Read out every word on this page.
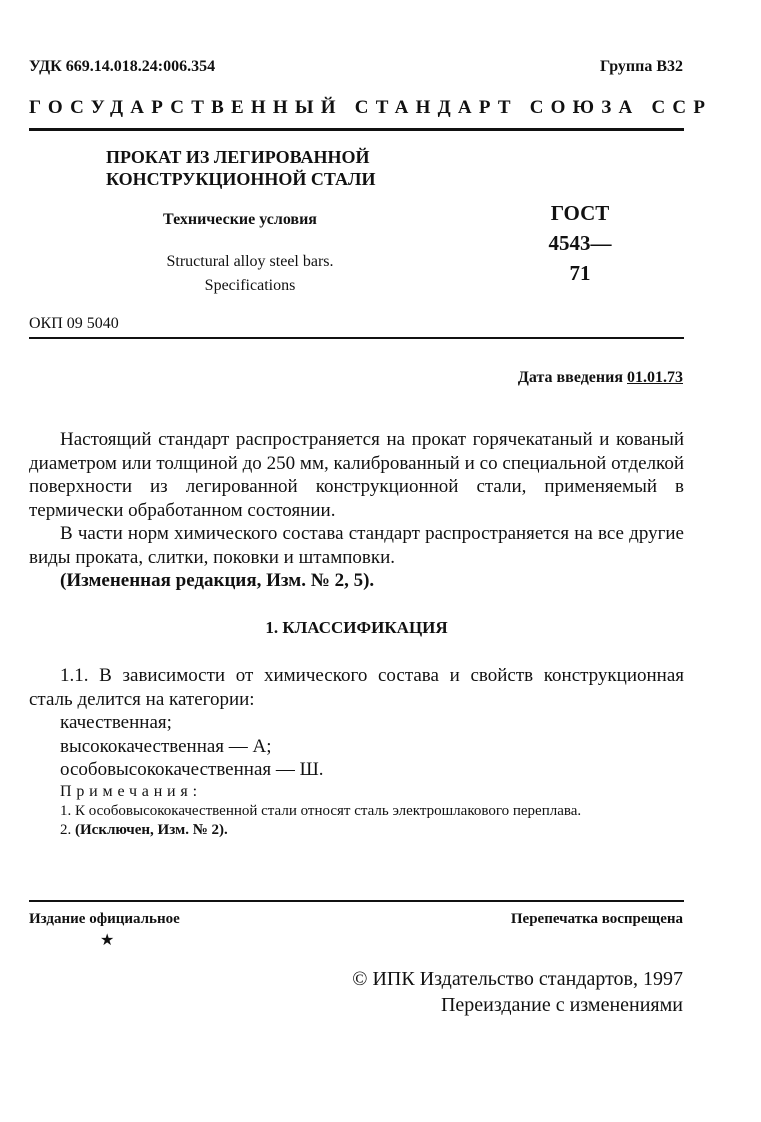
УДК 669.14.018.24:006.354	Группа В32
ГОСУДАРСТВЕННЫЙ СТАНДАРТ СОЮЗА ССР
ПРОКАТ ИЗ ЛЕГИРОВАННОЙ
КОНСТРУКЦИОННОЙ СТАЛИ
Технические условия
Structural alloy steel bars.
Specifications
ГОСТ
4543—71
ОКП 09 5040
Дата введения 01.01.73

Настоящий стандарт распространяется на прокат горячекатаный и кованый диаметром или толщиной до 250 мм, калиброванный и со специальной отделкой поверхности из легированной конструкционной стали, применяемый в термически обработанном состоянии.

В части норм химического состава стандарт распространяется на все другие виды проката, слитки, поковки и штамповки.

(Измененная редакция, Изм. № 2, 5).

1. КЛАССИФИКАЦИЯ

1.1. В зависимости от химического состава и свойств конструкционная сталь делится на категории:

качественная;

высококачественная — А;

особовысококачественная — Ш.

Примечания:

1. К особовысококачественной стали относят сталь электрошлакового переплава.

2. (Исключен, Изм. № 2).

Издание официальное	Перепечатка воспрещена
★
© ИПК Издательство стандартов, 1997
Переиздание с изменениями
